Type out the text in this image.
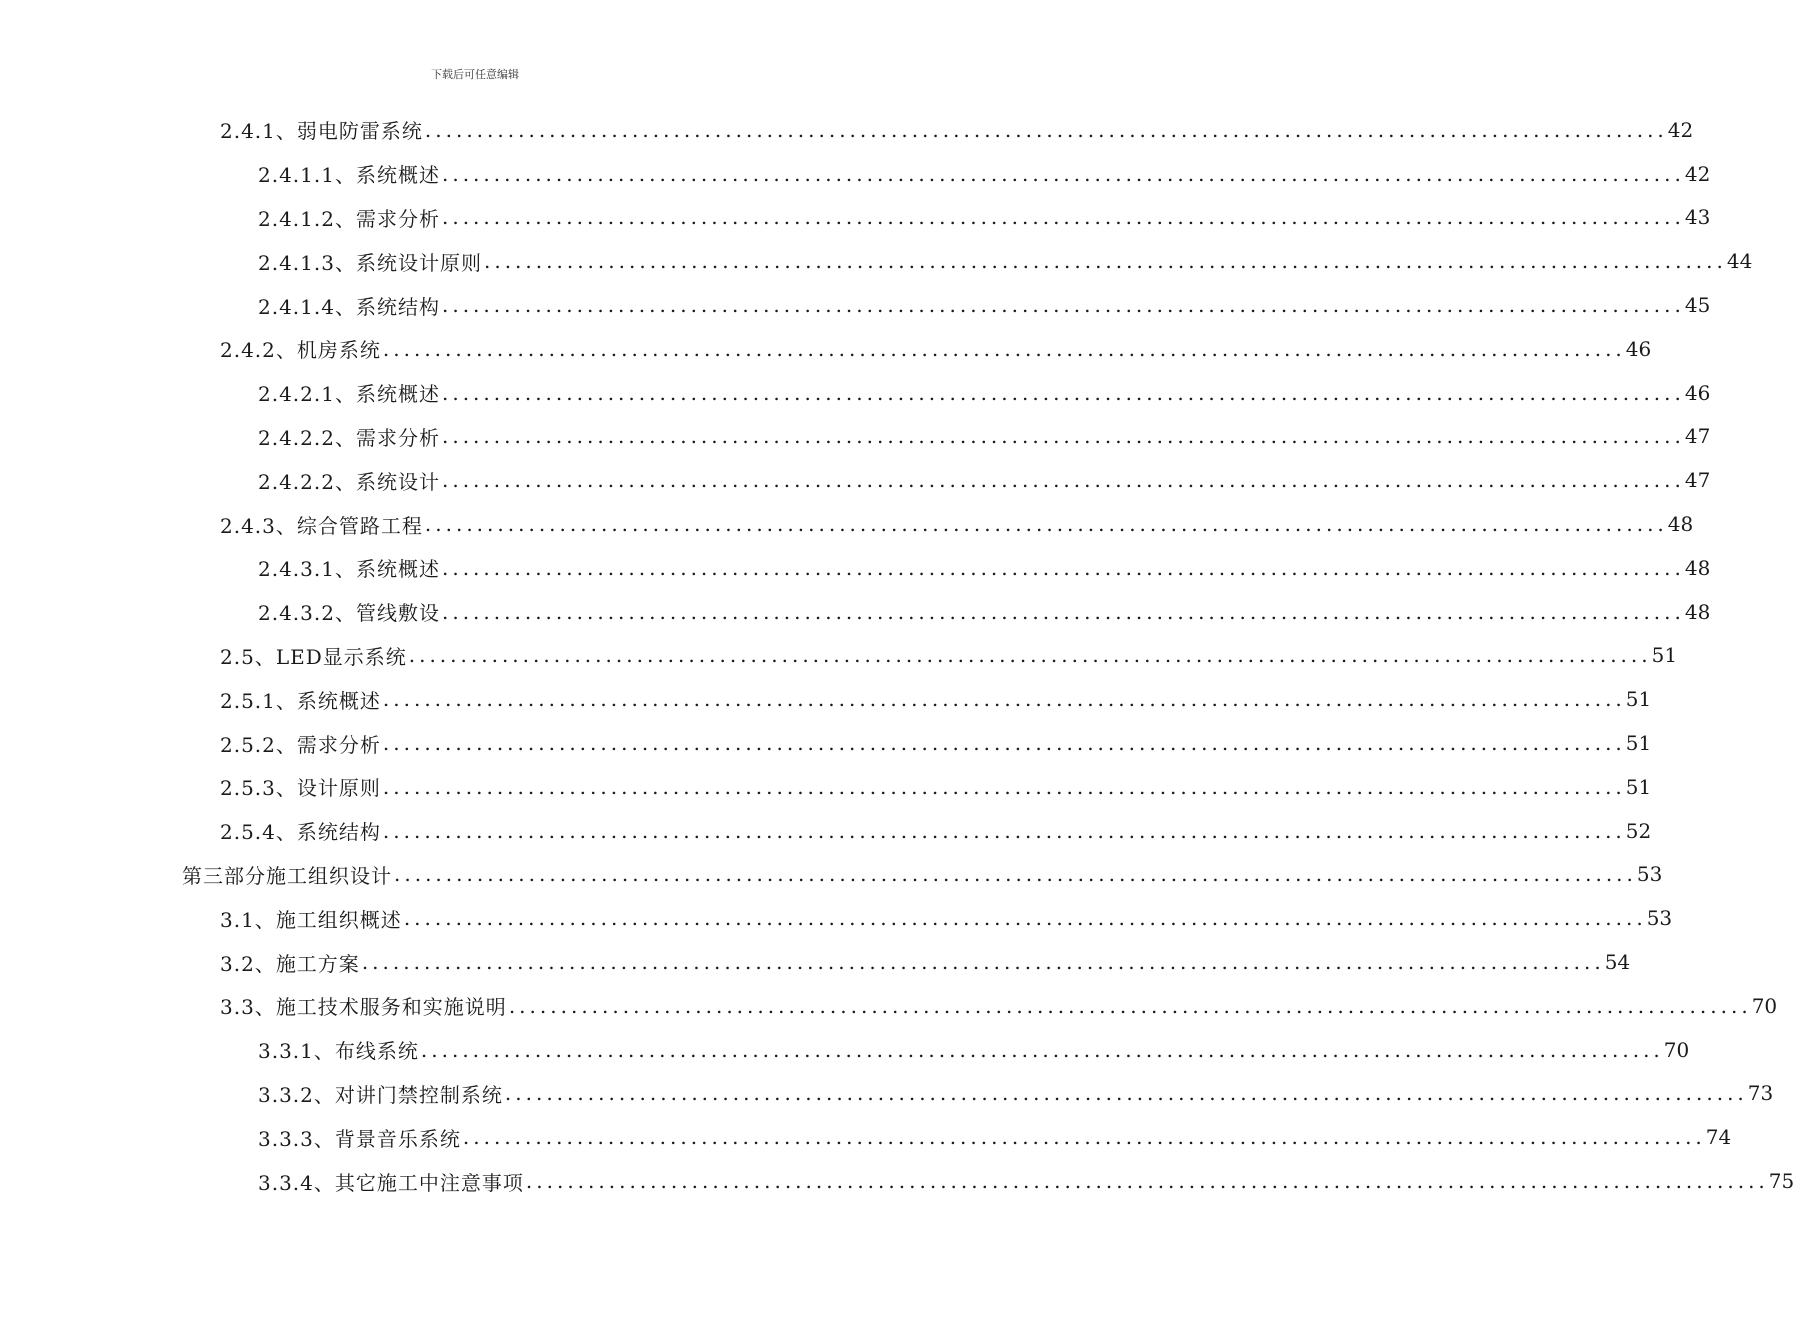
下载后可任意编辑
2.4.1、 弱电防雷系统 ........................................................................................................................ 42
2.4.1.1、 系统概述 ........................................................................................................................ 42
2.4.1.2、 需求分析 ........................................................................................................................ 43
2.4.1.3、 系统设计原则 ........................................................................................................................ 44
2.4.1.4、 系统结构 ........................................................................................................................ 45
2.4.2、 机房系统 ........................................................................................................................ 46
2.4.2.1、 系统概述 ........................................................................................................................ 46
2.4.2.2、 需求分析 ........................................................................................................................ 47
2.4.2.2、 系统设计 ........................................................................................................................ 47
2.4.3、 综合管路工程 ........................................................................................................................ 48
2.4.3.1、 系统概述 ........................................................................................................................ 48
2.4.3.2、 管线敷设 ........................................................................................................................ 48
2.5、 LED显示系统 ........................................................................................................................ 51
2.5.1、 系统概述 ........................................................................................................................ 51
2.5.2、 需求分析 ........................................................................................................................ 51
2.5.3、 设计原则 ........................................................................................................................ 51
2.5.4、 系统结构 ........................................................................................................................ 52
第三部分 施工组织设计 ........................................................................................................................ 53
3.1、 施工组织概述 ........................................................................................................................ 53
3.2、 施工方案 ........................................................................................................................ 54
3.3、 施工技术服务和实施说明 ........................................................................................................................ 70
3.3.1、 布线系统 ........................................................................................................................ 70
3.3.2、 对讲门禁控制系统 ........................................................................................................................ 73
3.3.3、 背景音乐系统 ........................................................................................................................ 74
3.3.4、 其它施工中注意事项 ........................................................................................................................ 75
